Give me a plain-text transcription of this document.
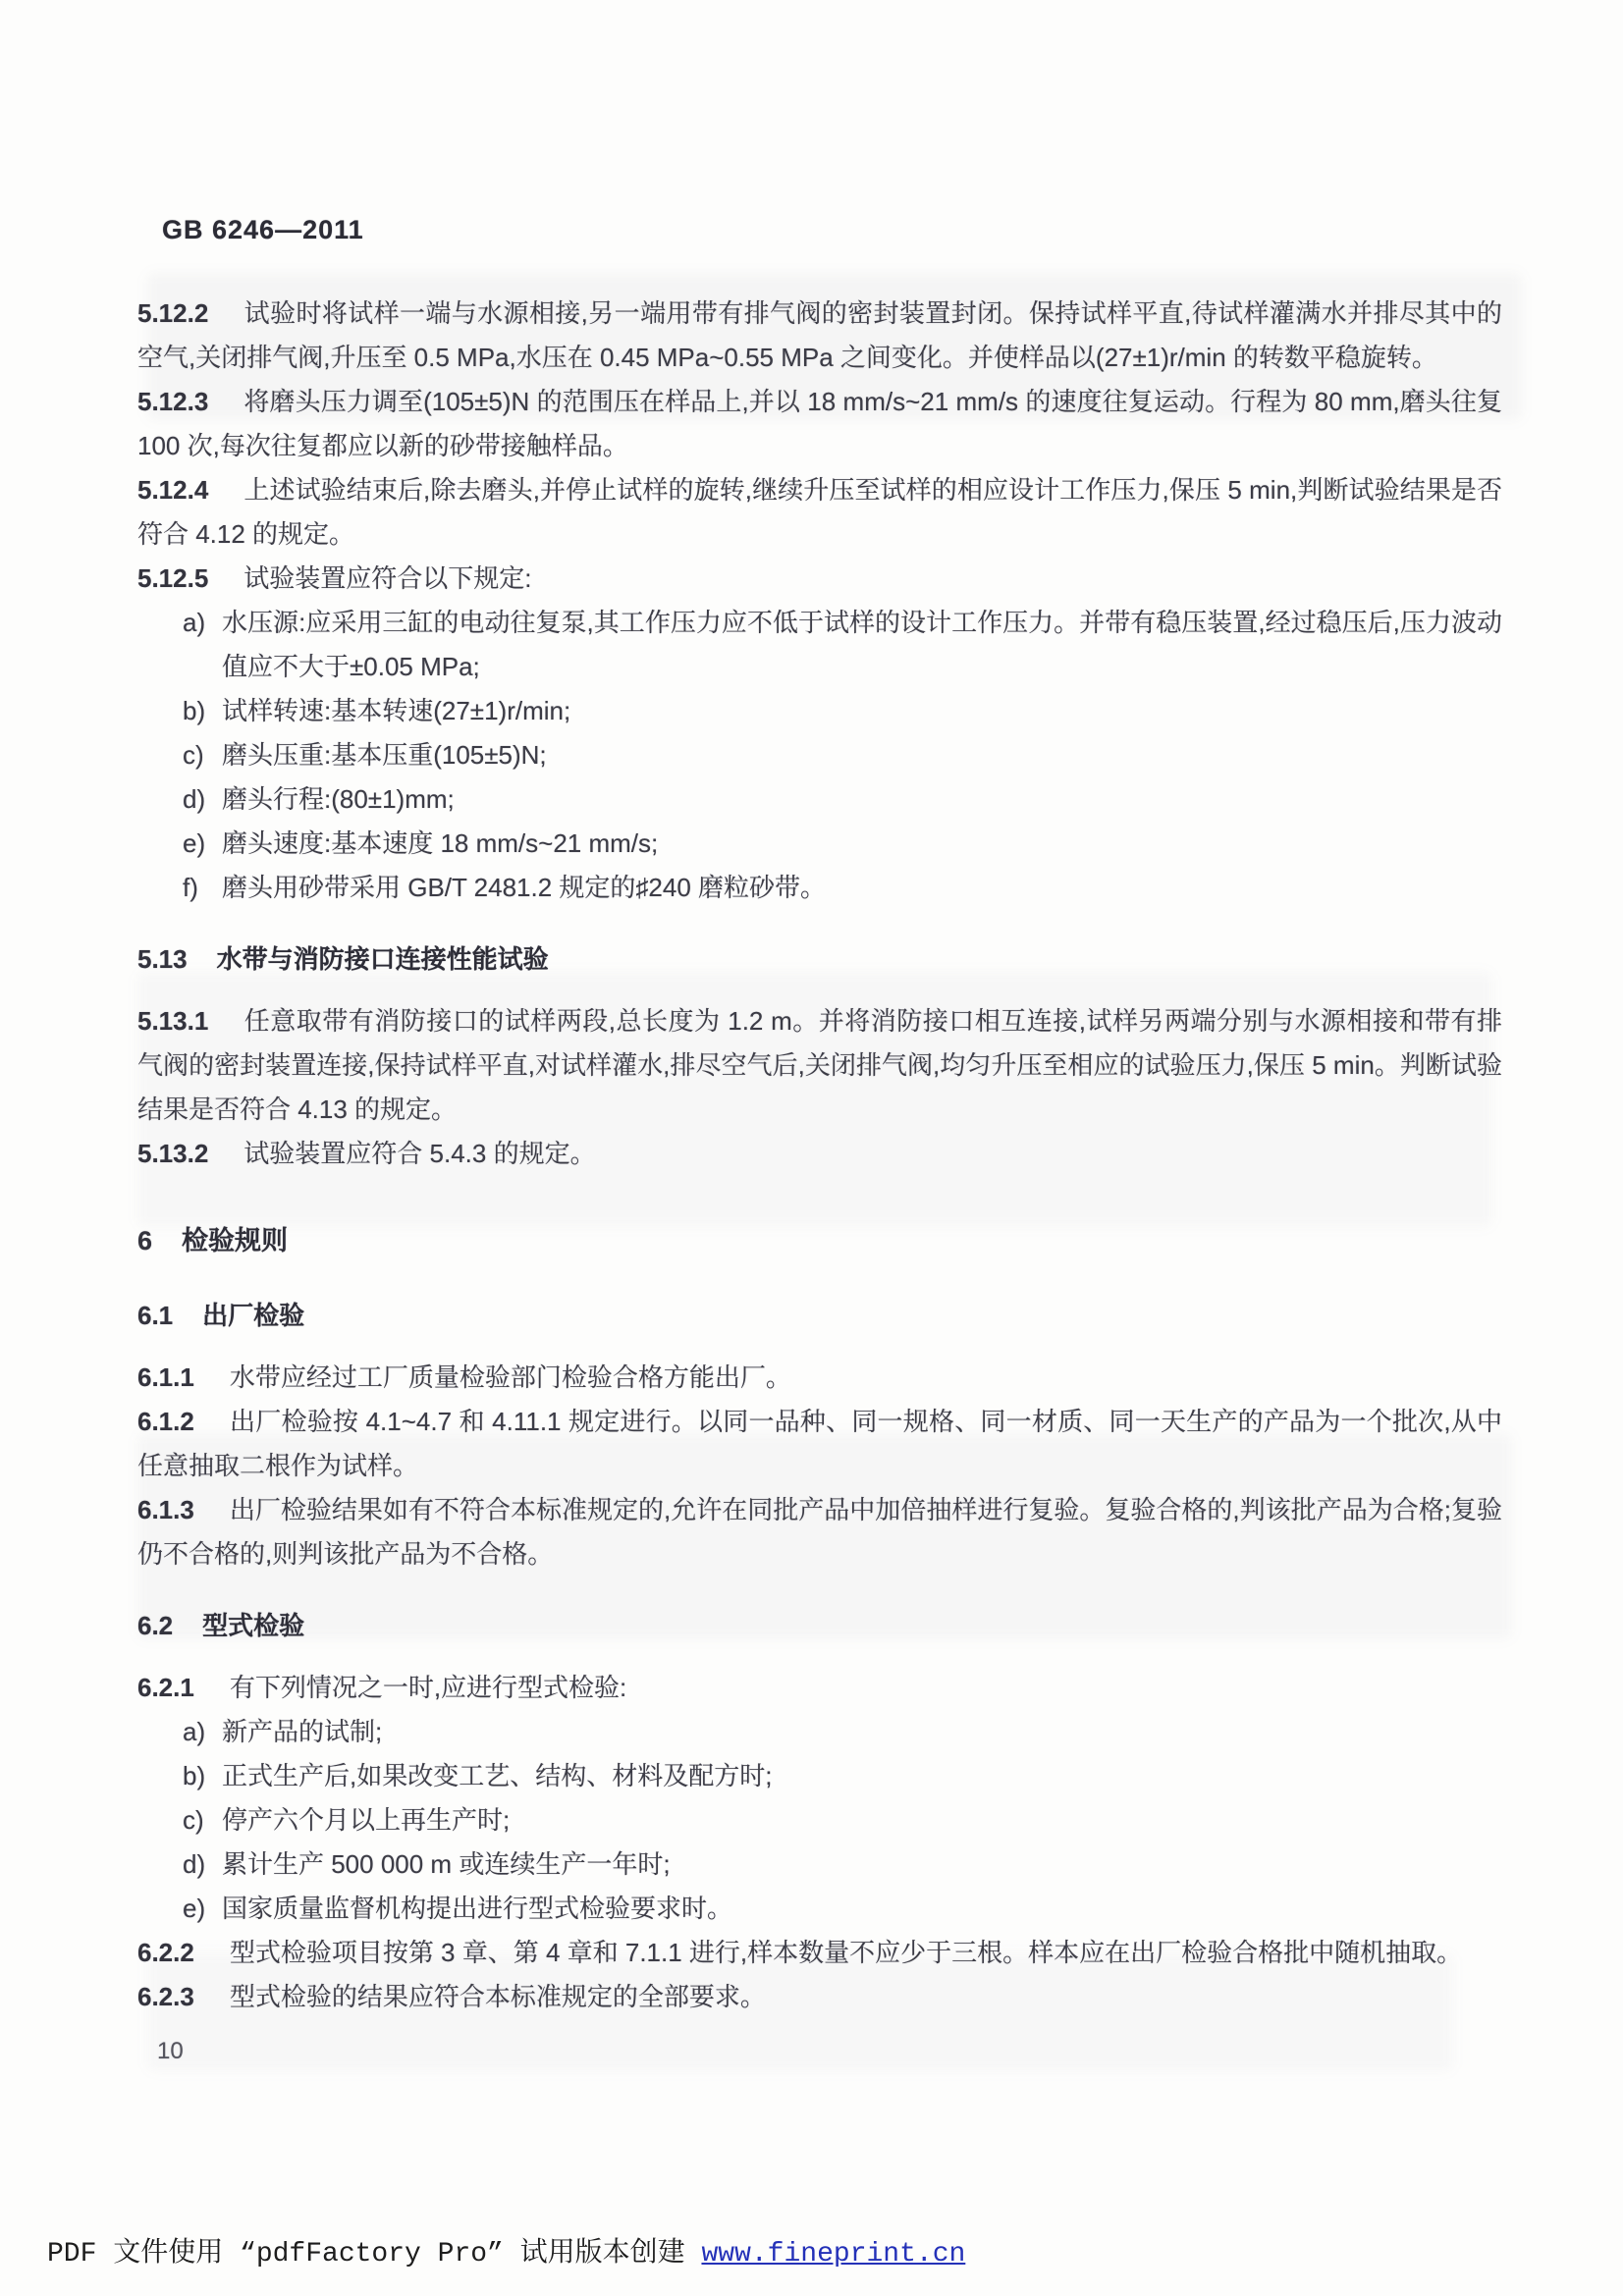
GB 6246—2011

5.12.2 试验时将试样一端与水源相接,另一端用带有排气阀的密封装置封闭。保持试样平直,待试样灌满水并排尽其中的空气,关闭排气阀,升压至 0.5 MPa,水压在 0.45 MPa~0.55 MPa 之间变化。并使样品以(27±1)r/min 的转数平稳旋转。

5.12.3 将磨头压力调至(105±5)N 的范围压在样品上,并以 18 mm/s~21 mm/s 的速度往复运动。行程为 80 mm,磨头往复 100 次,每次往复都应以新的砂带接触样品。

5.12.4 上述试验结束后,除去磨头,并停止试样的旋转,继续升压至试样的相应设计工作压力,保压 5 min,判断试验结果是否符合 4.12 的规定。

5.12.5 试验装置应符合以下规定:

a) 水压源:应采用三缸的电动往复泵,其工作压力应不低于试样的设计工作压力。并带有稳压装置,经过稳压后,压力波动值应不大于±0.05 MPa;
b) 试样转速:基本转速(27±1)r/min;
c) 磨头压重:基本压重(105±5)N;
d) 磨头行程:(80±1)mm;
e) 磨头速度:基本速度 18 mm/s~21 mm/s;
f) 磨头用砂带采用 GB/T 2481.2 规定的♯240 磨粒砂带。

5.13 水带与消防接口连接性能试验

5.13.1 任意取带有消防接口的试样两段,总长度为 1.2 m。并将消防接口相互连接,试样另两端分别与水源相接和带有排气阀的密封装置连接,保持试样平直,对试样灌水,排尽空气后,关闭排气阀,均匀升压至相应的试验压力,保压 5 min。判断试验结果是否符合 4.13 的规定。

5.13.2 试验装置应符合 5.4.3 的规定。

6 检验规则

6.1 出厂检验

6.1.1 水带应经过工厂质量检验部门检验合格方能出厂。

6.1.2 出厂检验按 4.1~4.7 和 4.11.1 规定进行。以同一品种、同一规格、同一材质、同一天生产的产品为一个批次,从中任意抽取二根作为试样。

6.1.3 出厂检验结果如有不符合本标准规定的,允许在同批产品中加倍抽样进行复验。复验合格的,判该批产品为合格;复验仍不合格的,则判该批产品为不合格。

6.2 型式检验

6.2.1 有下列情况之一时,应进行型式检验:

a) 新产品的试制;
b) 正式生产后,如果改变工艺、结构、材料及配方时;
c) 停产六个月以上再生产时;
d) 累计生产 500 000 m 或连续生产一年时;
e) 国家质量监督机构提出进行型式检验要求时。

6.2.2 型式检验项目按第 3 章、第 4 章和 7.1.1 进行,样本数量不应少于三根。样本应在出厂检验合格批中随机抽取。

6.2.3 型式检验的结果应符合本标准规定的全部要求。

10

PDF 文件使用 “pdfFactory Pro” 试用版本创建 www.fineprint.cn
